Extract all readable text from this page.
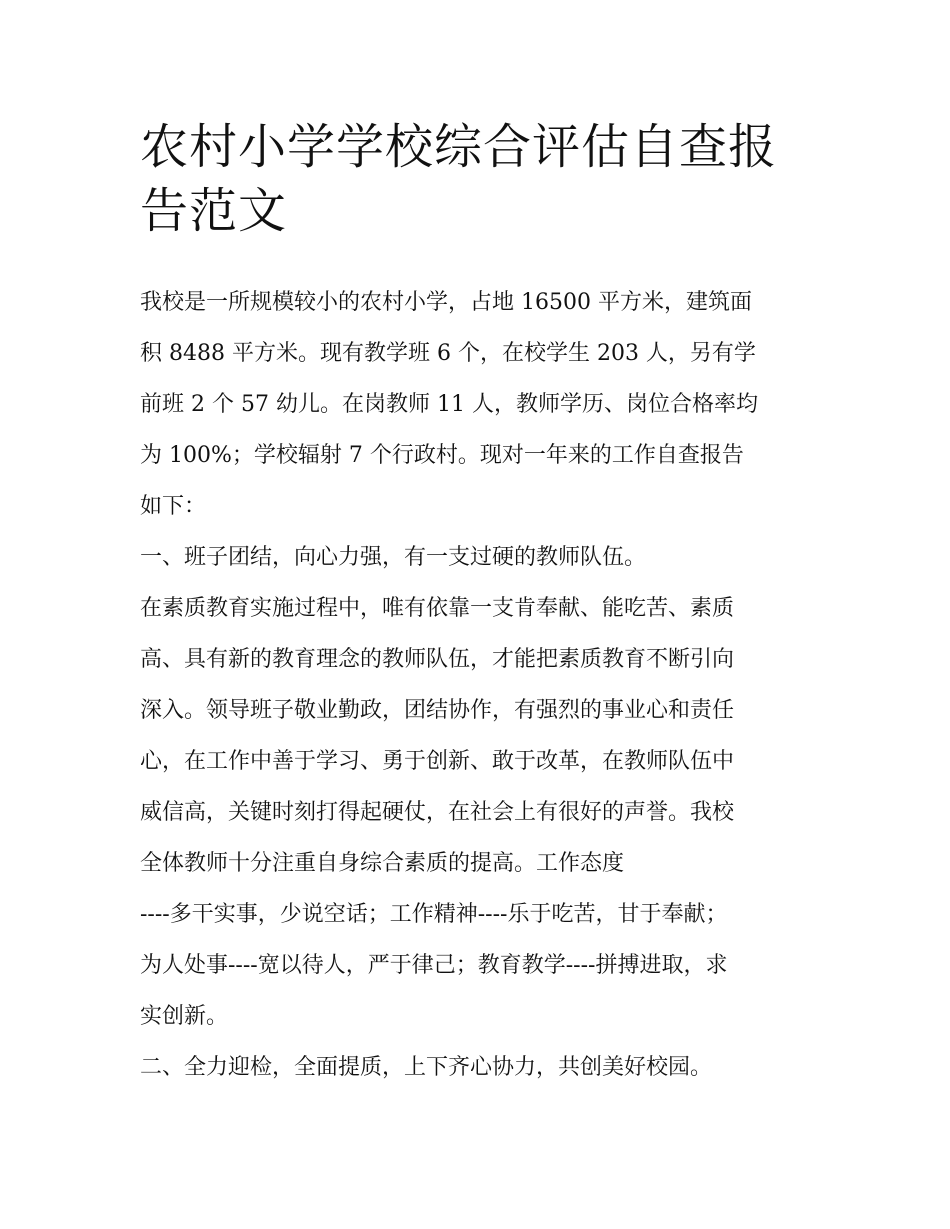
农村小学学校综合评估自查报
告范文

我校是一所规模较小的农村小学，占地 16500 平方米，建筑面
积 8488 平方米。现有教学班 6 个，在校学生 203 人，另有学
前班 2 个 57 幼儿。在岗教师 11 人，教师学历、岗位合格率均
为 100%；学校辐射 7 个行政村。现对一年来的工作自查报告
如下：

一、班子团结，向心力强，有一支过硬的教师队伍。

在素质教育实施过程中，唯有依靠一支肯奉献、能吃苦、素质
高、具有新的教育理念的教师队伍，才能把素质教育不断引向
深入。领导班子敬业勤政，团结协作，有强烈的事业心和责任
心，在工作中善于学习、勇于创新、敢于改革，在教师队伍中
威信高，关键时刻打得起硬仗，在社会上有很好的声誉。我校
全体教师十分注重自身综合素质的提高。工作态度
----多干实事，少说空话；工作精神----乐于吃苦，甘于奉献；
为人处事----宽以待人，严于律己；教育教学----拼搏进取，求
实创新。

二、全力迎检，全面提质，上下齐心协力，共创美好校园。
